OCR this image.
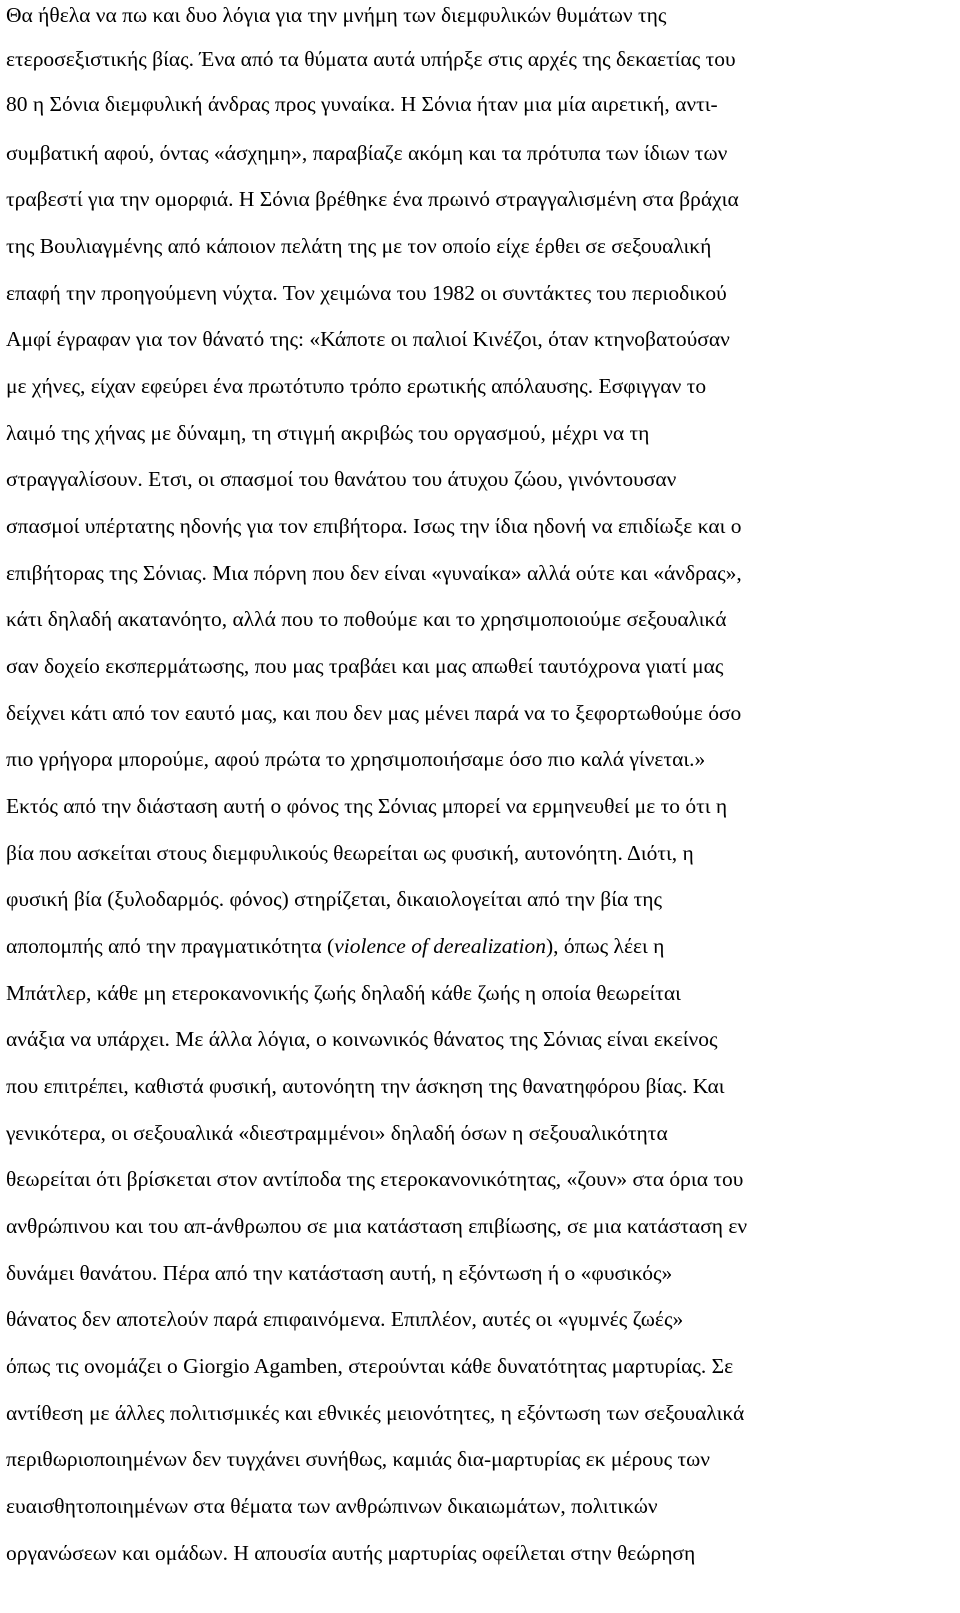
Θα ήθελα να πω και δυο λόγια για την μνήμη των διεμφυλικών θυμάτων της
ετεροσεξιστικής βίας. Ένα από τα θύματα αυτά υπήρξε στις αρχές της δεκαετίας του
80 η Σόνια διεμφυλική άνδρας προς γυναίκα. Η Σόνια ήταν μια μία αιρετική, αντι-
συμβατική αφού, όντας «άσχημη», παραβίαζε ακόμη και τα πρότυπα των ίδιων των
τραβεστί για την ομορφιά. Η Σόνια βρέθηκε ένα πρωινό στραγγαλισμένη στα βράχια
της Βουλιαγμένης από κάποιον πελάτη της με τον οποίο είχε έρθει σε σεξουαλική
επαφή την προηγούμενη νύχτα. Τον χειμώνα του 1982 οι συντάκτες του περιοδικού
Αμφί έγραφαν για τον θάνατό της: «Κάποτε οι παλιοί Κινέζοι, όταν κτηνοβατούσαν
με χήνες, είχαν εφεύρει ένα πρωτότυπο τρόπο ερωτικής απόλαυσης. Εσφιγγαν το
λαιμό της χήνας με δύναμη, τη στιγμή ακριβώς του οργασμού, μέχρι να τη
στραγγαλίσουν. Ετσι, οι σπασμοί του θανάτου του άτυχου ζώου, γινόντουσαν
σπασμοί υπέρτατης ηδονής για τον επιβήτορα. Ισως την ίδια ηδονή να επιδίωξε και ο
επιβήτορας της Σόνιας. Μια πόρνη που δεν είναι «γυναίκα» αλλά ούτε και «άνδρας»,
κάτι δηλαδή ακατανόητο, αλλά που το ποθούμε και το χρησιμοποιούμε σεξουαλικά
σαν δοχείο εκσπερμάτωσης, που μας τραβάει και μας απωθεί ταυτόχρονα γιατί μας
δείχνει κάτι από τον εαυτό μας, και που δεν μας μένει παρά να το ξεφορτωθούμε όσο
πιο γρήγορα μπορούμε, αφού πρώτα το χρησιμοποιήσαμε όσο πιο καλά γίνεται.»
Εκτός από την διάσταση αυτή ο φόνος της Σόνιας μπορεί να ερμηνευθεί με το ότι η
βία που ασκείται στους διεμφυλικούς θεωρείται ως φυσική, αυτονόητη. Διότι, η
φυσική βία (ξυλοδαρμός. φόνος) στηρίζεται, δικαιολογείται από την βία της
αποπομπής από την πραγματικότητα (violence of derealization), όπως λέει η
Μπάτλερ, κάθε μη ετεροκανονικής ζωής δηλαδή κάθε ζωής η οποία θεωρείται
ανάξια να υπάρχει. Με άλλα λόγια, ο κοινωνικός θάνατος της Σόνιας είναι εκείνος
που επιτρέπει, καθιστά φυσική, αυτονόητη την άσκηση της θανατηφόρου βίας. Και
γενικότερα, οι σεξουαλικά «διεστραμμένοι» δηλαδή όσων η σεξουαλικότητα
θεωρείται ότι βρίσκεται στον αντίποδα της ετεροκανονικότητας, «ζουν» στα όρια του
ανθρώπινου και του απ-άνθρωπου σε μια κατάσταση επιβίωσης, σε μια κατάσταση εν
δυνάμει θανάτου. Πέρα από την κατάσταση αυτή, η εξόντωση ή ο «φυσικός»
θάνατος δεν αποτελούν παρά επιφαινόμενα. Επιπλέον, αυτές οι «γυμνές ζωές»
όπως τις ονομάζει ο Giorgio Agamben, στερούνται κάθε δυνατότητας μαρτυρίας. Σε
αντίθεση με άλλες πολιτισμικές και εθνικές μειονότητες, η εξόντωση των σεξουαλικά
περιθωριοποιημένων δεν τυγχάνει συνήθως, καμιάς δια-μαρτυρίας εκ μέρους των
ευαισθητοποιημένων στα θέματα των ανθρώπινων δικαιωμάτων, πολιτικών
οργανώσεων και ομάδων. Η απουσία αυτής μαρτυρίας οφείλεται στην θεώρηση
